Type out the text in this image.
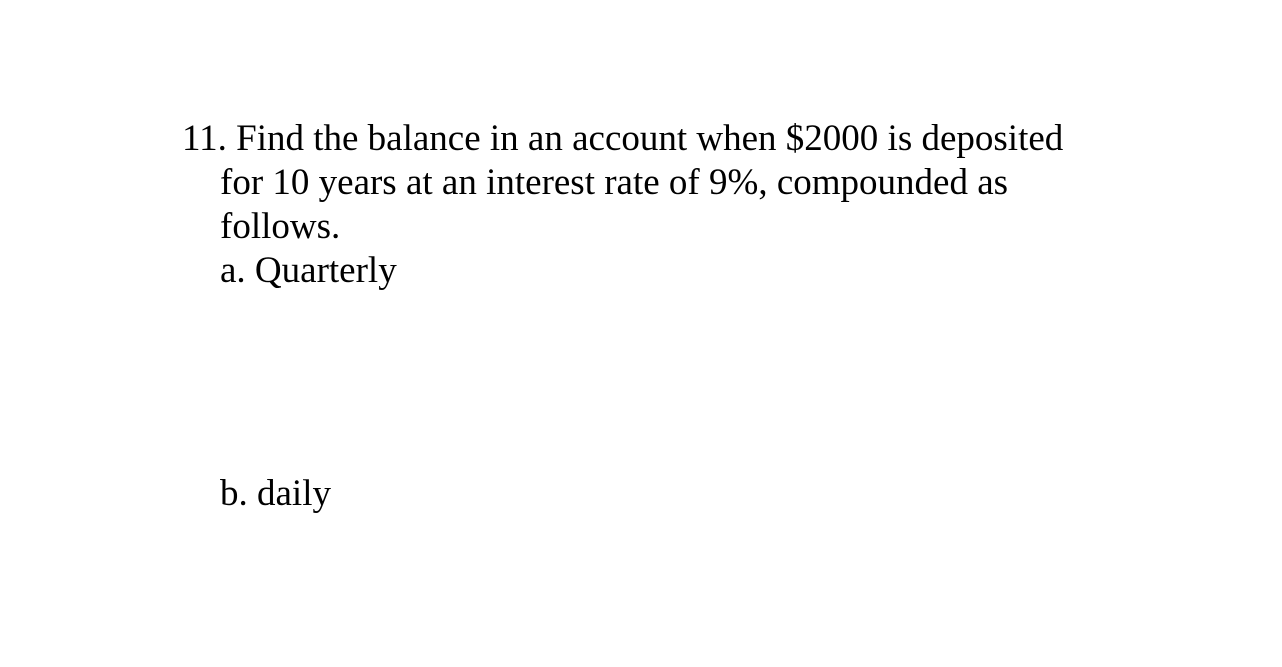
11. Find the balance in an account when $2000 is deposited
for 10 years at an interest rate of 9%, compounded as
follows.
a. Quarterly
b. daily
